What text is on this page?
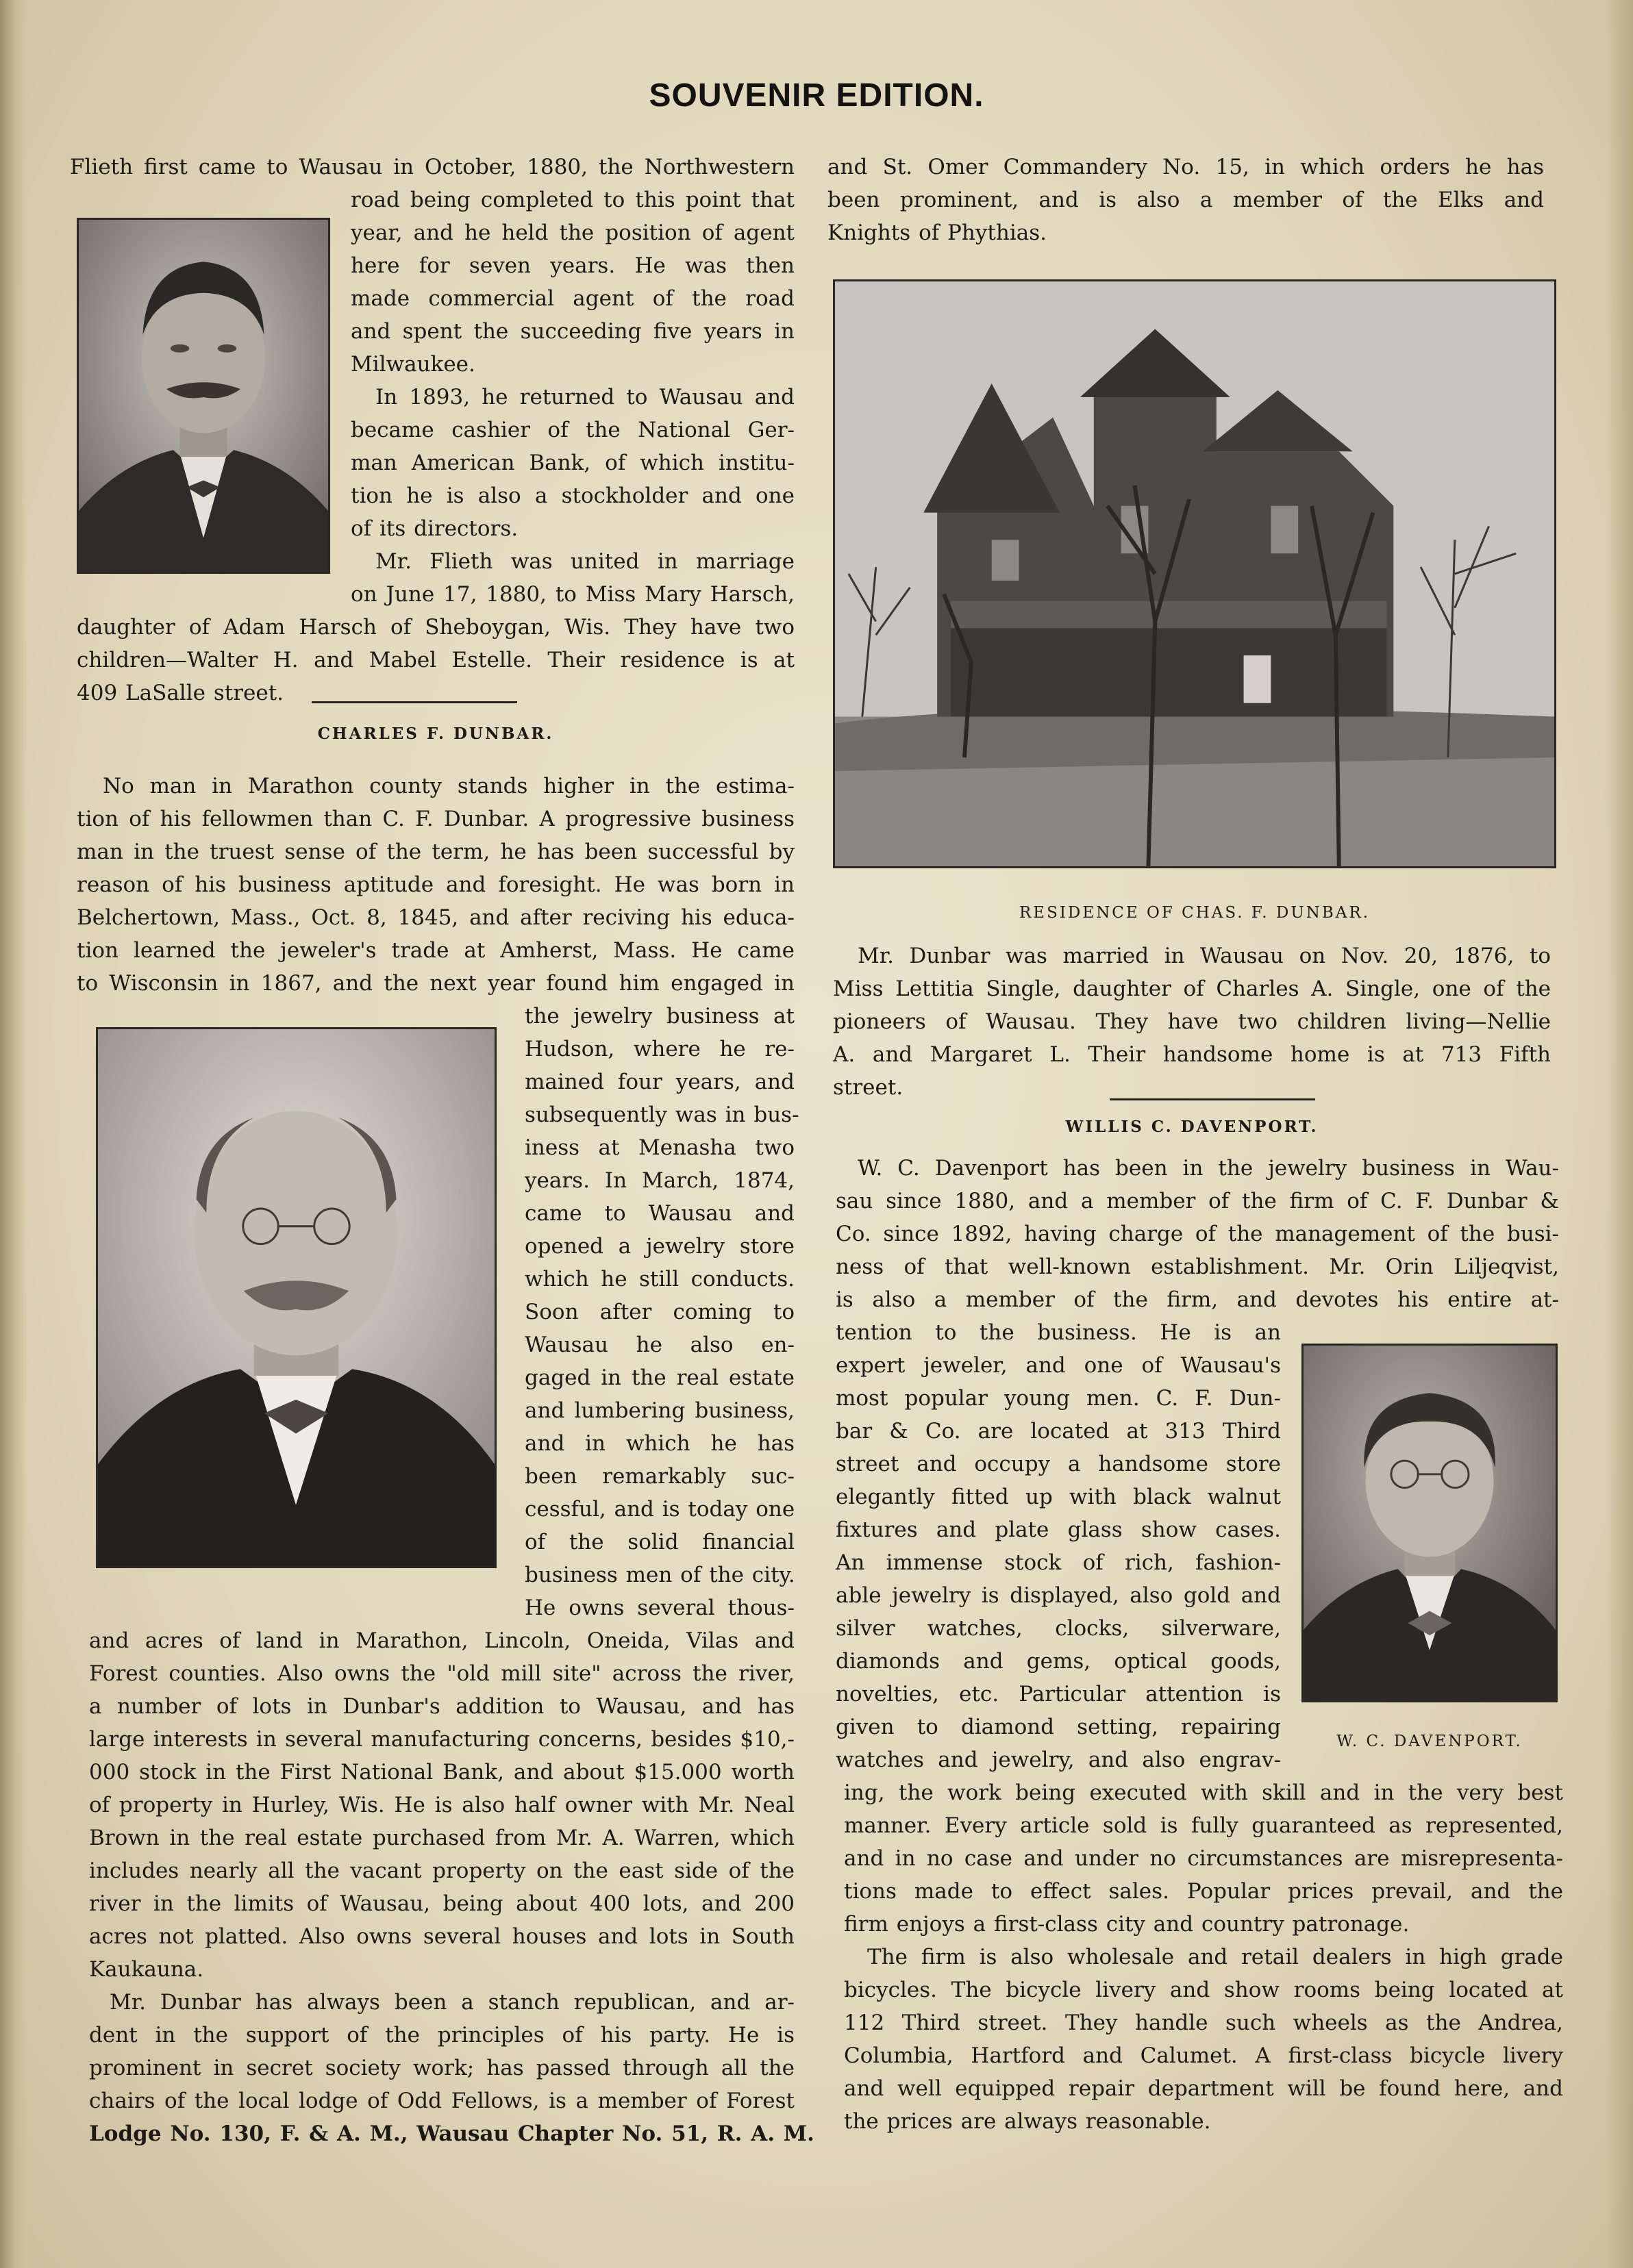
SOUVENIR EDITION.
Flieth first came to Wausau in October, 1880, the Northwestern
road being completed to this point that
year, and he held the position of agent
here for seven years. He was then
made commercial agent of the road
and spent the succeeding five years in
Milwaukee.
In 1893, he returned to Wausau and
became cashier of the National Ger-
man American Bank, of which institu-
tion he is also a stockholder and one
of its directors.
Mr. Flieth was united in marriage
on June 17, 1880, to Miss Mary Harsch,
daughter of Adam Harsch of Sheboygan, Wis. They have two
children—Walter H. and Mabel Estelle. Their residence is at
409 LaSalle street.
CHARLES F. DUNBAR.
No man in Marathon county stands higher in the estima-
tion of his fellowmen than C. F. Dunbar. A progressive business
man in the truest sense of the term, he has been successful by
reason of his business aptitude and foresight. He was born in
Belchertown, Mass., Oct. 8, 1845, and after reciving his educa-
tion learned the jeweler's trade at Amherst, Mass. He came
to Wisconsin in 1867, and the next year found him engaged in
the jewelry business at
Hudson, where he re-
mained four years, and
subsequently was in bus-
iness at Menasha two
years. In March, 1874,
came to Wausau and
opened a jewelry store
which he still conducts.
Soon after coming to
Wausau he also en-
gaged in the real estate
and lumbering business,
and in which he has
been remarkably suc-
cessful, and is today one
of the solid financial
business men of the city.
He owns several thous-
and acres of land in Marathon, Lincoln, Oneida, Vilas and
Forest counties. Also owns the "old mill site" across the river,
a number of lots in Dunbar's addition to Wausau, and has
large interests in several manufacturing concerns, besides $10,-
000 stock in the First National Bank, and about $15.000 worth
of property in Hurley, Wis. He is also half owner with Mr. Neal
Brown in the real estate purchased from Mr. A. Warren, which
includes nearly all the vacant property on the east side of the
river in the limits of Wausau, being about 400 lots, and 200
acres not platted. Also owns several houses and lots in South
Kaukauna.
Mr. Dunbar has always been a stanch republican, and ar-
dent in the support of the principles of his party. He is
prominent in secret society work; has passed through all the
chairs of the local lodge of Odd Fellows, is a member of Forest
Lodge No. 130, F. & A. M., Wausau Chapter No. 51, R. A. M.
and St. Omer Commandery No. 15, in which orders he has
been prominent, and is also a member of the Elks and
Knights of Phythias.
RESIDENCE OF CHAS. F. DUNBAR.
Mr. Dunbar was married in Wausau on Nov. 20, 1876, to
Miss Lettitia Single, daughter of Charles A. Single, one of the
pioneers of Wausau. They have two children living—Nellie
A. and Margaret L. Their handsome home is at 713 Fifth
street.
WILLIS C. DAVENPORT.
W. C. Davenport has been in the jewelry business in Wau-
sau since 1880, and a member of the firm of C. F. Dunbar &
Co. since 1892, having charge of the management of the busi-
ness of that well-known establishment. Mr. Orin Liljeqvist,
is also a member of the firm, and devotes his entire at-
tention to the business. He is an
expert jeweler, and one of Wausau's
most popular young men. C. F. Dun-
bar & Co. are located at 313 Third
street and occupy a handsome store
elegantly fitted up with black walnut
fixtures and plate glass show cases.
An immense stock of rich, fashion-
able jewelry is displayed, also gold and
silver watches, clocks, silverware,
diamonds and gems, optical goods,
novelties, etc. Particular attention is
given to diamond setting, repairing
watches and jewelry, and also engrav-
W. C. DAVENPORT.
ing, the work being executed with skill and in the very best
manner. Every article sold is fully guaranteed as represented,
and in no case and under no circumstances are misrepresenta-
tions made to effect sales. Popular prices prevail, and the
firm enjoys a first-class city and country patronage.
The firm is also wholesale and retail dealers in high grade
bicycles. The bicycle livery and show rooms being located at
112 Third street. They handle such wheels as the Andrea,
Columbia, Hartford and Calumet. A first-class bicycle livery
and well equipped repair department will be found here, and
the prices are always reasonable.
